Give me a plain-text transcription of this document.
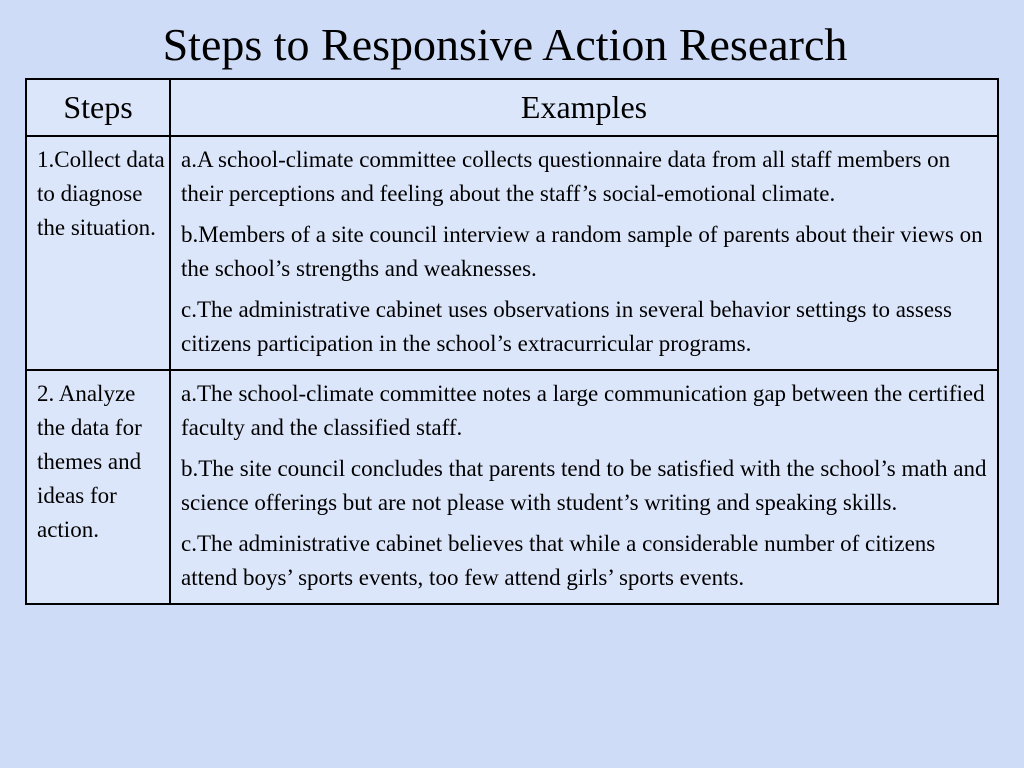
Steps to Responsive Action Research
Steps	Examples
1.Collect data to diagnose the situation.	a.A school-climate committee collects questionnaire data from all staff members on their perceptions and feeling about the staff’s social-emotional climate.

b.Members of a site council interview a random sample of parents about their views on the school’s strengths and weaknesses.

c.The administrative cabinet uses observations in several behavior settings to assess citizens participation in the school’s extracurricular programs.

2. Analyze the data for themes and ideas for action.	a.The school-climate committee notes a large communication gap between the certified faculty and the classified staff.

b.The site council concludes that parents tend to be satisfied with the school’s math and science offerings but are not please with student’s writing and speaking skills.

c.The administrative cabinet believes that while a considerable number of citizens attend boys’ sports events, too few attend girls’ sports events.
